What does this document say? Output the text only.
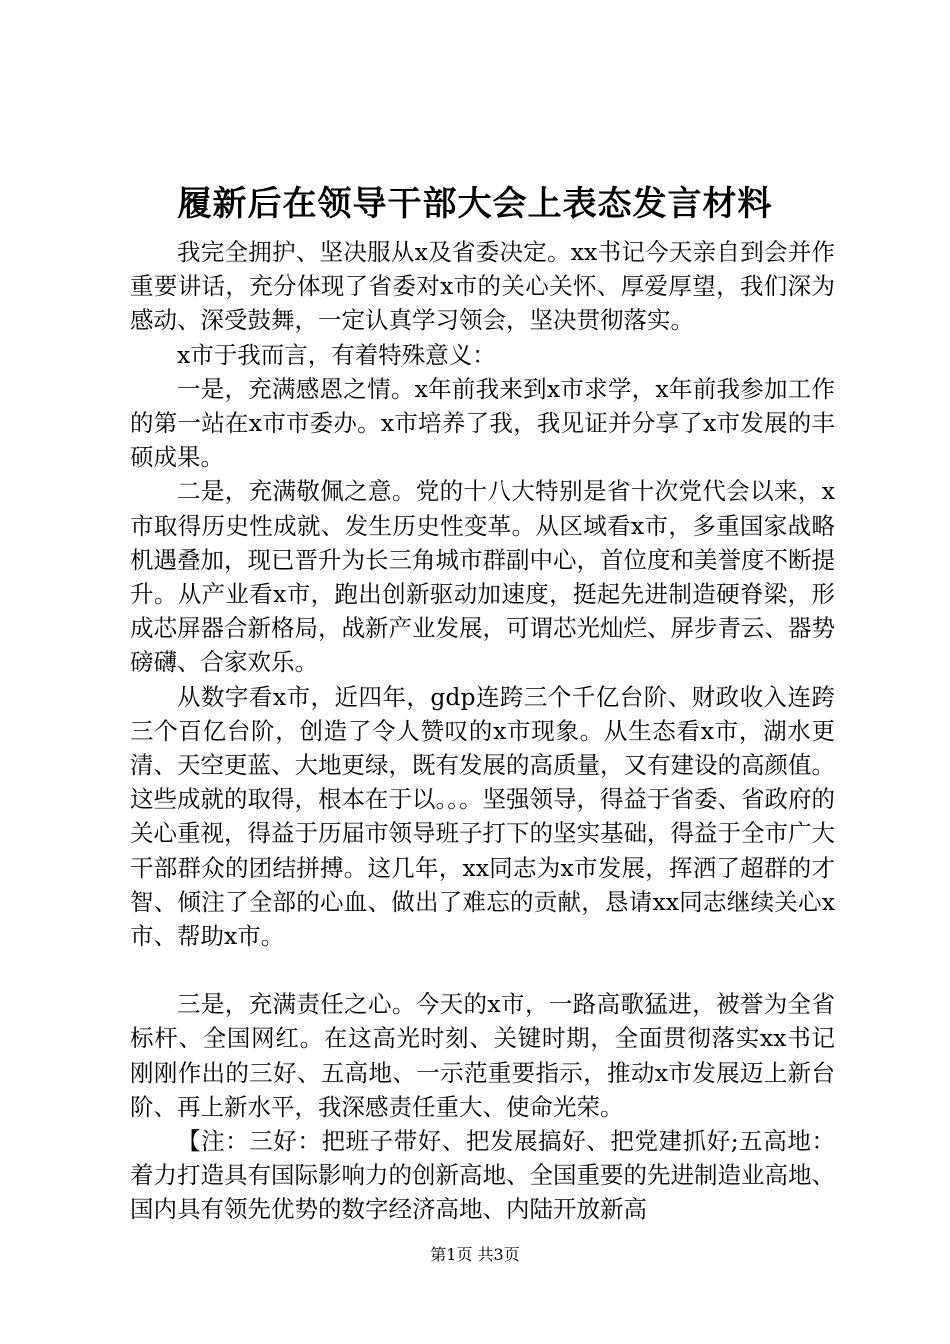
履新后在领导干部大会上表态发言材料

我完全拥护、坚决服从x及省委决定。xx书记今天亲自到会并作重要讲话，充分体现了省委对x市的关心关怀、厚爱厚望，我们深为感动、深受鼓舞，一定认真学习领会，坚决贯彻落实。

x市于我而言，有着特殊意义：

一是，充满感恩之情。x年前我来到x市求学，x年前我参加工作的第一站在x市市委办。x市培养了我，我见证并分享了x市发展的丰硕成果。

二是，充满敬佩之意。党的十八大特别是省十次党代会以来，x市取得历史性成就、发生历史性变革。从区域看x市，多重国家战略机遇叠加，现已晋升为长三角城市群副中心，首位度和美誉度不断提升。从产业看x市，跑出创新驱动加速度，挺起先进制造硬脊梁，形成芯屏器合新格局，战新产业发展，可谓芯光灿烂、屏步青云、器势磅礴、合家欢乐。

从数字看x市，近四年，gdp连跨三个千亿台阶、财政收入连跨三个百亿台阶，创造了令人赞叹的x市现象。从生态看x市，湖水更清、天空更蓝、大地更绿，既有发展的高质量，又有建设的高颜值。这些成就的取得，根本在于以。。。坚强领导，得益于省委、省政府的关心重视，得益于历届市领导班子打下的坚实基础，得益于全市广大干部群众的团结拼搏。这几年，xx同志为x市发展，挥洒了超群的才智、倾注了全部的心血、做出了难忘的贡献，恳请xx同志继续关心x市、帮助x市。

三是，充满责任之心。今天的x市，一路高歌猛进，被誉为全省标杆、全国网红。在这高光时刻、关键时期，全面贯彻落实xx书记刚刚作出的三好、五高地、一示范重要指示，推动x市发展迈上新台阶、再上新水平，我深感责任重大、使命光荣。

【注：三好：把班子带好、把发展搞好、把党建抓好;五高地：着力打造具有国际影响力的创新高地、全国重要的先进制造业高地、国内具有领先优势的数字经济高地、内陆开放新高

第1页 共3页
